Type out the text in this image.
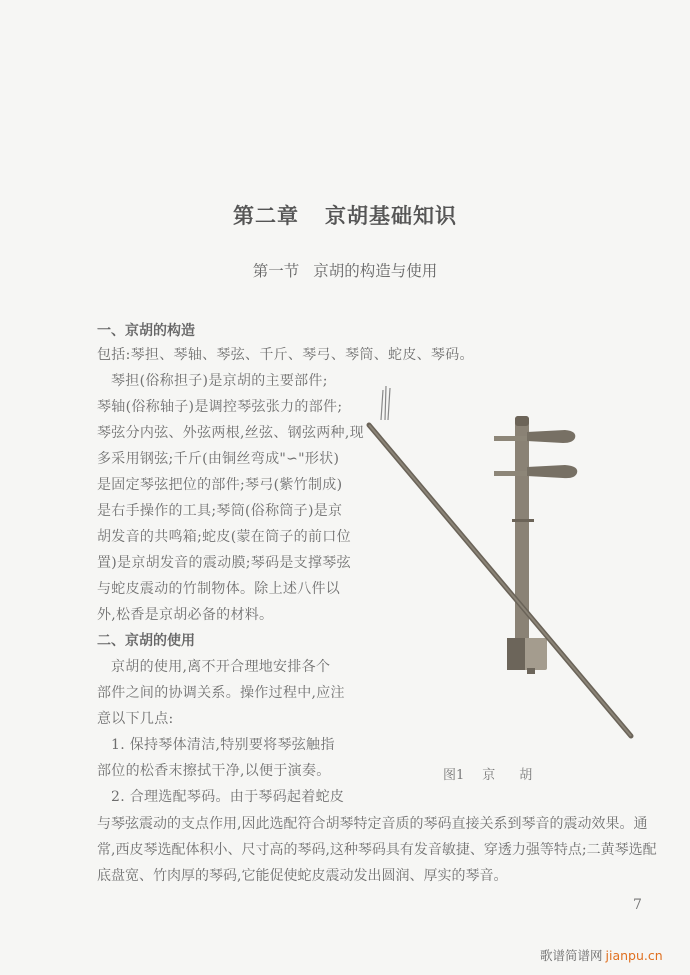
第二章 京胡基础知识
第一节 京胡的构造与使用
一、京胡的构造
包括:琴担、琴轴、琴弦、千斤、琴弓、琴筒、蛇皮、琴码。
琴担(俗称担子)是京胡的主要部件;
琴轴(俗称轴子)是调控琴弦张力的部件;
琴弦分内弦、外弦两根,丝弦、钢弦两种,现
多采用钢弦;千斤(由铜丝弯成"∽"形状)
是固定琴弦把位的部件;琴弓(紫竹制成)
是右手操作的工具;琴筒(俗称筒子)是京
胡发音的共鸣箱;蛇皮(蒙在筒子的前口位
置)是京胡发音的震动膜;琴码是支撑琴弦
与蛇皮震动的竹制物体。除上述八件以
外,松香是京胡必备的材料。
二、京胡的使用
京胡的使用,离不开合理地安排各个
部件之间的协调关系。操作过程中,应注
意以下几点:
1. 保持琴体清洁,特别要将琴弦触指
部位的松香末擦拭干净,以便于演奏。
2. 合理选配琴码。由于琴码起着蛇皮
与琴弦震动的支点作用,因此选配符合胡琴特定音质的琴码直接关系到琴音的震动效果。通
常,西皮琴选配体积小、尺寸高的琴码,这种琴码具有发音敏捷、穿透力强等特点;二黄琴选配
底盘宽、竹肉厚的琴码,它能促使蛇皮震动发出圆润、厚实的琴音。
图1 京 胡
7
歌谱简谱网 jianpu.cn
